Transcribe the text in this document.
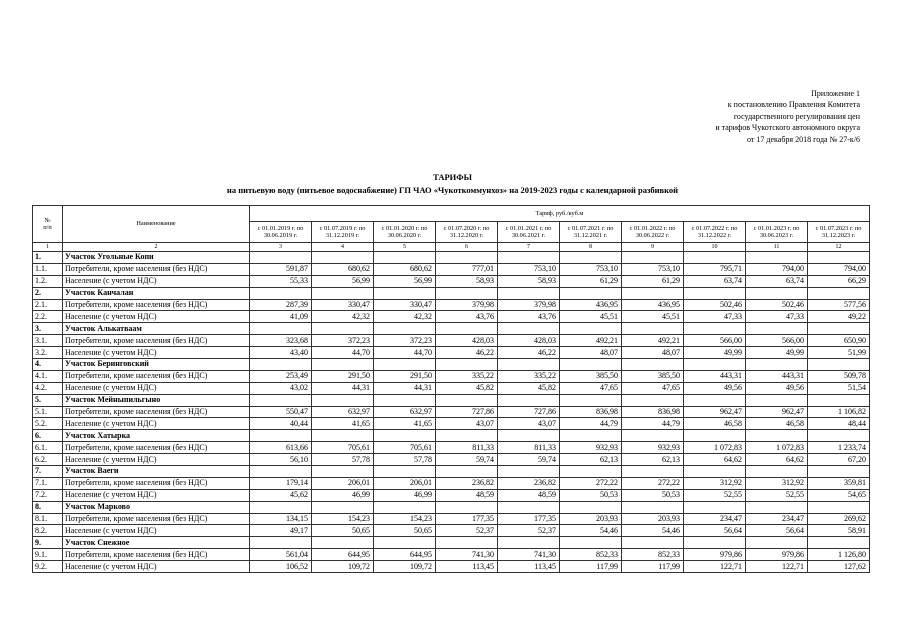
Приложение 1
к постановлению Правления Комитета
государственного регулирования цен
и тарифов Чукотского автономного округа
от 17 декабря 2018 года № 27-к/6
ТАРИФЫ
на питьевую воду (питьевое водоснабжение) ГП ЧАО «Чукоткоммунхоз» на 2019-2023 годы с календарной разбивкой
№
п/п	Наименование	Тариф, руб./куб.м									
		с 01.01.2019 г. по 30.06.2019 г.	с 01.07.2019 г. по 31.12.2019 г.	с 01.01.2020 г. по 30.06.2020 г.	с 01.07.2020 г. по 31.12.2020 г.	с 01.01.2021 г. по 30.06.2021 г.	с 01.07.2021 г. по 31.12.2021 г.	с 01.01.2022 г. по 30.06.2022 г.	с 01.07.2022 г. по 31.12.2022 г.	с 01.01.2023 г. по 30.06.2023 г.	с 01.07.2023 г. по 31.12.2023 г.
1	2	3	4	5	6	7	8	9	10	11	12
1.	Участок Угольные Копи										
1.1.	Потребители, кроме населения (без НДС)	591,87	680,62	680,62	777,01	753,10	753,10	753,10	795,71	794,00	794,00
1.2.	Население (с учетом НДС)	55,33	56,99	56,99	58,93	58,93	61,29	61,29	63,74	63,74	66,29
2.	Участок Канчалан										
2.1.	Потребители, кроме населения (без НДС)	287,39	330,47	330,47	379,98	379,98	436,95	436,95	502,46	502,46	577,56
2.2.	Население (с учетом НДС)	41,09	42,32	42,32	43,76	43,76	45,51	45,51	47,33	47,33	49,22
3.	Участок Алькатваам										
3.1.	Потребители, кроме населения (без НДС)	323,68	372,23	372,23	428,03	428,03	492,21	492,21	566,00	566,00	650,90
3.2.	Население (с учетом НДС)	43,40	44,70	44,70	46,22	46,22	48,07	48,07	49,99	49,99	51,99
4.	Участок Беринговский										
4.1.	Потребители, кроме населения (без НДС)	253,49	291,50	291,50	335,22	335,22	385,50	385,50	443,31	443,31	509,78
4.2.	Население (с учетом НДС)	43,02	44,31	44,31	45,82	45,82	47,65	47,65	49,56	49,56	51,54
5.	Участок Мейныпильгыно										
5.1.	Потребители, кроме населения (без НДС)	550,47	632,97	632,97	727,86	727,86	836,98	836,98	962,47	962,47	1 106,82
5.2.	Население (с учетом НДС)	40,44	41,65	41,65	43,07	43,07	44,79	44,79	46,58	46,58	48,44
6.	Участок Хатырка										
6.1.	Потребители, кроме населения (без НДС)	613,66	705,61	705,61	811,33	811,33	932,93	932,93	1 072,83	1 072,83	1 233,74
6.2.	Население (с учетом НДС)	56,10	57,78	57,78	59,74	59,74	62,13	62,13	64,62	64,62	67,20
7.	Участок Ваеги										
7.1.	Потребители, кроме населения (без НДС)	179,14	206,01	206,01	236,82	236,82	272,22	272,22	312,92	312,92	359,81
7.2.	Население (с учетом НДС)	45,62	46,99	46,99	48,59	48,59	50,53	50,53	52,55	52,55	54,65
8.	Участок Марково										
8.1.	Потребители, кроме населения (без НДС)	134,15	154,23	154,23	177,35	177,35	203,93	203,93	234,47	234,47	269,62
8.2.	Население (с учетом НДС)	49,17	50,65	50,65	52,37	52,37	54,46	54,46	56,64	56,64	58,91
9.	Участок Снежное										
9.1.	Потребители, кроме населения (без НДС)	561,04	644,95	644,95	741,30	741,30	852,33	852,33	979,86	979,86	1 126,80
9.2.	Население (с учетом НДС)	106,52	109,72	109,72	113,45	113,45	117,99	117,99	122,71	122,71	127,62
